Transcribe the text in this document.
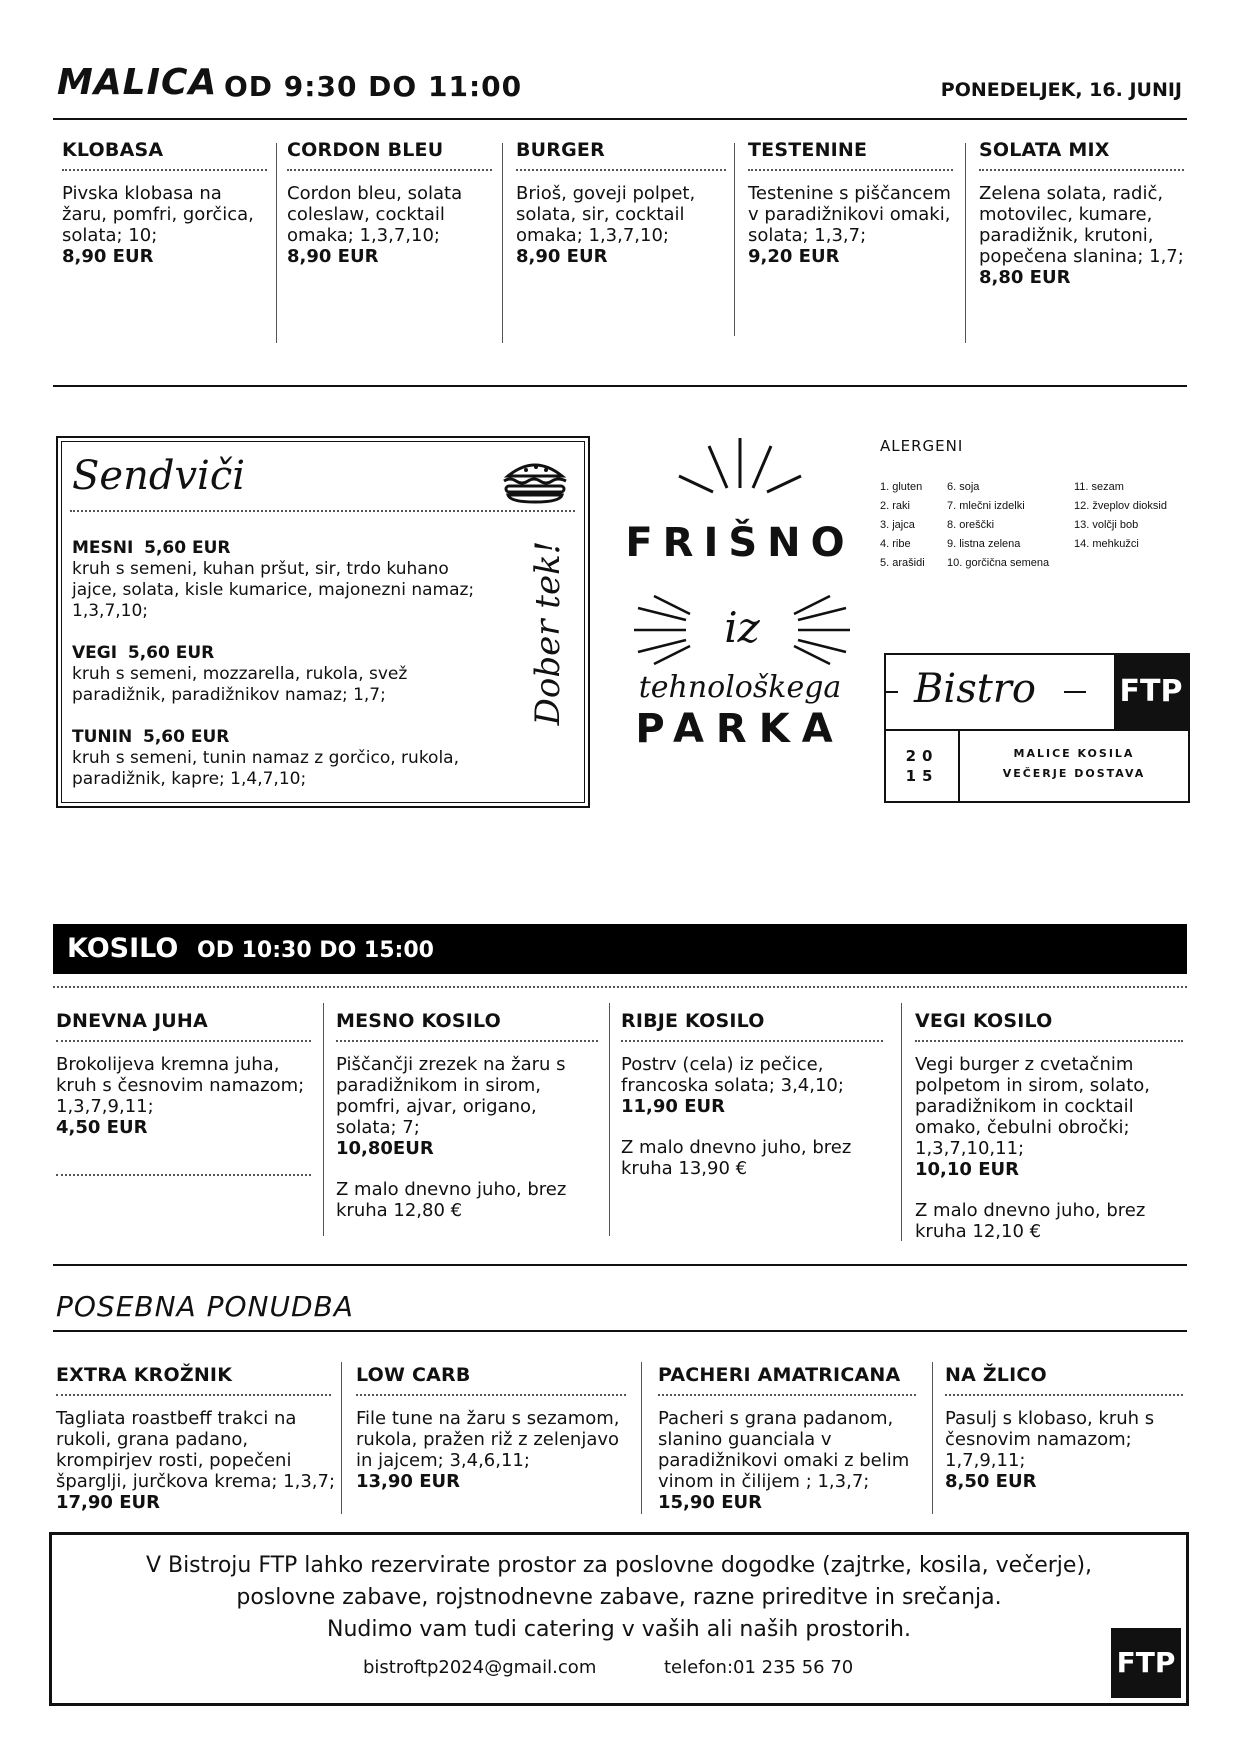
MALICA OD 9:30 DO 11:00	PONEDELJEK, 16. JUNIJ
KLOBASA
Pivska klobasa na žaru, pomfri, gorčica, solata; 10;
8,90 EUR
CORDON BLEU
Cordon bleu, solata coleslaw, cocktail omaka; 1,3,7,10;
8,90 EUR
BURGER
Brioš, goveji polpet, solata, sir, cocktail omaka; 1,3,7,10;
8,90 EUR
TESTENINE
Testenine s piščancem v paradižnikovi omaki, solata; 1,3,7;
9,20 EUR
SOLATA MIX
Zelena solata, radič, motovilec, kumare, paradižnik, krutoni, popečena slanina; 1,7;
8,80 EUR
Sendviči
MESNI 5,60 EUR
kruh s semeni, kuhan pršut, sir, trdo kuhano jajce, solata, kisle kumarice, majonezni namaz; 1,3,7,10;
VEGI 5,60 EUR
kruh s semeni, mozzarella, rukola, svež paradižnik, paradižnikov namaz; 1,7;
TUNIN 5,60 EUR
kruh s semeni, tunin namaz z gorčico, rukola, paradižnik, kapre; 1,4,7,10;
Dober tek!	FRIŠNO
iz
tehnološkega
PARKA
ALERGENI
1. gluten
2. raki
3. jajca
4. ribe
5. arašidi
6. soja
7. mlečni izdelki
8. oreščki
9. listna zelena
10. gorčična semena
11. sezam
12. žveplov dioksid
13. volčji bob
14. mehkužci
Bistro	FTP
20
15
MALICE KOSILA
VEČERJE DOSTAVA
KOSILO OD 10:30 DO 15:00
DNEVNA JUHA
Brokolijeva kremna juha, kruh s česnovim namazom; 1,3,7,9,11;
4,50 EUR
MESNO KOSILO
Piščančji zrezek na žaru s paradižnikom in sirom, pomfri, ajvar, origano, solata; 7;
10,80EUR
Z malo dnevno juho, brez kruha 12,80 €
RIBJE KOSILO
Postrv (cela) iz pečice, francoska solata; 3,4,10;
11,90 EUR
Z malo dnevno juho, brez kruha 13,90 €
VEGI KOSILO
Vegi burger z cvetačnim polpetom in sirom, solato, paradižnikom in cocktail omako, čebulni obročki; 1,3,7,10,11;
10,10 EUR
Z malo dnevno juho, brez kruha 12,10 €
POSEBNA PONUDBA
EXTRA KROŽNIK
Tagliata roastbeff trakci na rukoli, grana padano, krompirjev rosti, popečeni šparglji, jurčkova krema; 1,3,7;
17,90 EUR
LOW CARB
File tune na žaru s sezamom, rukola, pražen riž z zelenjavo in jajcem; 3,4,6,11;
13,90 EUR
PACHERI AMATRICANA
Pacheri s grana padanom, slanino guanciala v paradižnikovi omaki z belim vinom in čilijem ; 1,3,7;
15,90 EUR
NA ŽLICO
Pasulj s klobaso, kruh s česnovim namazom; 1,7,9,11;
8,50 EUR
V Bistroju FTP lahko rezervirate prostor za poslovne dogodke (zajtrke, kosila, večerje),
poslovne zabave, rojstnodnevne zabave, razne prireditve in srečanja.
Nudimo vam tudi catering v vaših ali naših prostorih.
bistroftp2024@gmail.com	telefon:01 235 56 70	FTP
